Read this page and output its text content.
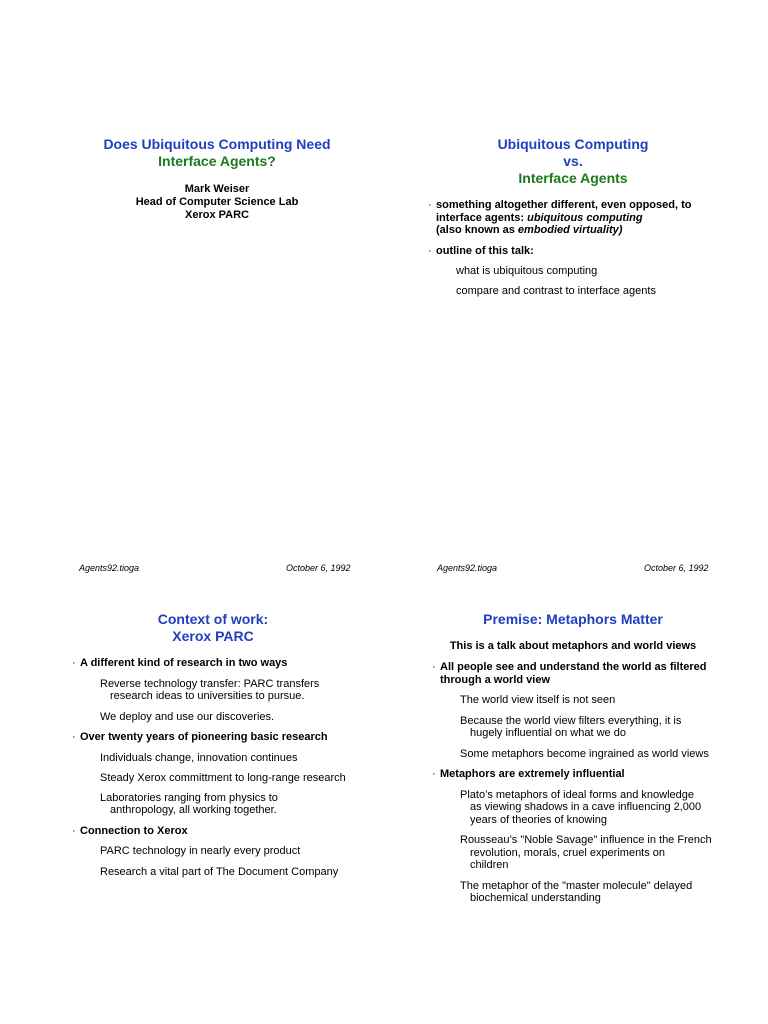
Does Ubiquitous Computing Need
Interface Agents?
Mark Weiser
Head of Computer Science Lab
Xerox PARC
Agents92.tioga	October 6, 1992
Ubiquitous Computing
vs.
Interface Agents
· something altogether different, even opposed, to
interface agents: ubiquitous computing
(also known as embodied virtuality)
· outline of this talk:
what is ubiquitous computing
compare and contrast to interface agents
Agents92.tioga	October 6, 1992
Context of work:
Xerox PARC
· A different kind of research in two ways
Reverse technology transfer: PARC transfers
research ideas to universities to pursue.
We deploy and use our discoveries.
· Over twenty years of pioneering basic research
Individuals change, innovation continues
Steady Xerox committment to long-range research
Laboratories ranging from physics to
anthropology, all working together.
· Connection to Xerox
PARC technology in nearly every product
Research a vital part of The Document Company
Premise: Metaphors Matter
This is a talk about metaphors and world views
· All people see and understand the world as filtered
through a world view
The world view itself is not seen
Because the world view filters everything, it is
hugely influential on what we do
Some metaphors become ingrained as world views
· Metaphors are extremely influential
Plato’s metaphors of ideal forms and knowledge
as viewing shadows in a cave influencing 2,000
years of theories of knowing
Rousseau’s "Noble Savage" influence in the French
revolution, morals, cruel experiments on
children
The metaphor of the "master molecule" delayed
biochemical understanding
